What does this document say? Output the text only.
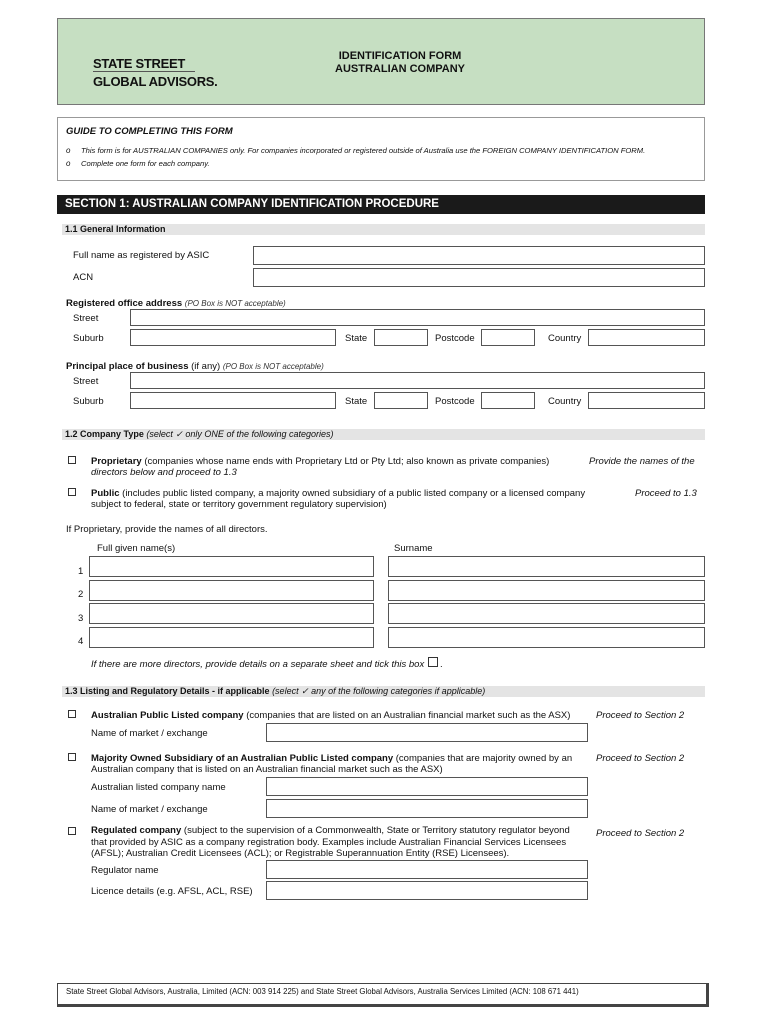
STATE STREET
GLOBAL ADVISORS.
IDENTIFICATION FORM
AUSTRALIAN COMPANY
GUIDE TO COMPLETING THIS FORM
o This form is for AUSTRALIAN COMPANIES only. For companies incorporated or registered outside of Australia use the FOREIGN COMPANY IDENTIFICATION FORM.
o Complete one form for each company.
SECTION 1: AUSTRALIAN COMPANY IDENTIFICATION PROCEDURE
1.1 General Information
Full name as registered by ASIC
ACN
Registered office address (PO Box is NOT acceptable)
Street
Suburb	State	Postcode	Country
Principal place of business (if any) (PO Box is NOT acceptable)
Street
Suburb	State	Postcode	Country
1.2 Company Type (select ✓ only ONE of the following categories)
Proprietary (companies whose name ends with Proprietary Ltd or Pty Ltd; also known as private companies)
directors below and proceed to 1.3
Provide the names of the
Public (includes public listed company, a majority owned subsidiary of a public listed company or a licensed company
subject to federal, state or territory government regulatory supervision)
Proceed to 1.3
If Proprietary, provide the names of all directors.
Full given name(s)	Surname
1
2
3
4
If there are more directors, provide details on a separate sheet and tick this box .
1.3 Listing and Regulatory Details - if applicable (select ✓ any of the following categories if applicable)
Australian Public Listed company (companies that are listed on an Australian financial market such as the ASX)	Proceed to Section 2
Name of market / exchange
Majority Owned Subsidiary of an Australian Public Listed company (companies that are majority owned by an
Australian company that is listed on an Australian financial market such as the ASX)
Proceed to Section 2
Australian listed company name
Name of market / exchange
Regulated company (subject to the supervision of a Commonwealth, State or Territory statutory regulator beyond
that provided by ASIC as a company registration body. Examples include Australian Financial Services Licensees
(AFSL); Australian Credit Licensees (ACL); or Registrable Superannuation Entity (RSE) Licensees).
Proceed to Section 2
Regulator name
Licence details (e.g. AFSL, ACL, RSE)
State Street Global Advisors, Australia, Limited (ACN: 003 914 225) and State Street Global Advisors, Australia Services Limited (ACN: 108 671 441)
